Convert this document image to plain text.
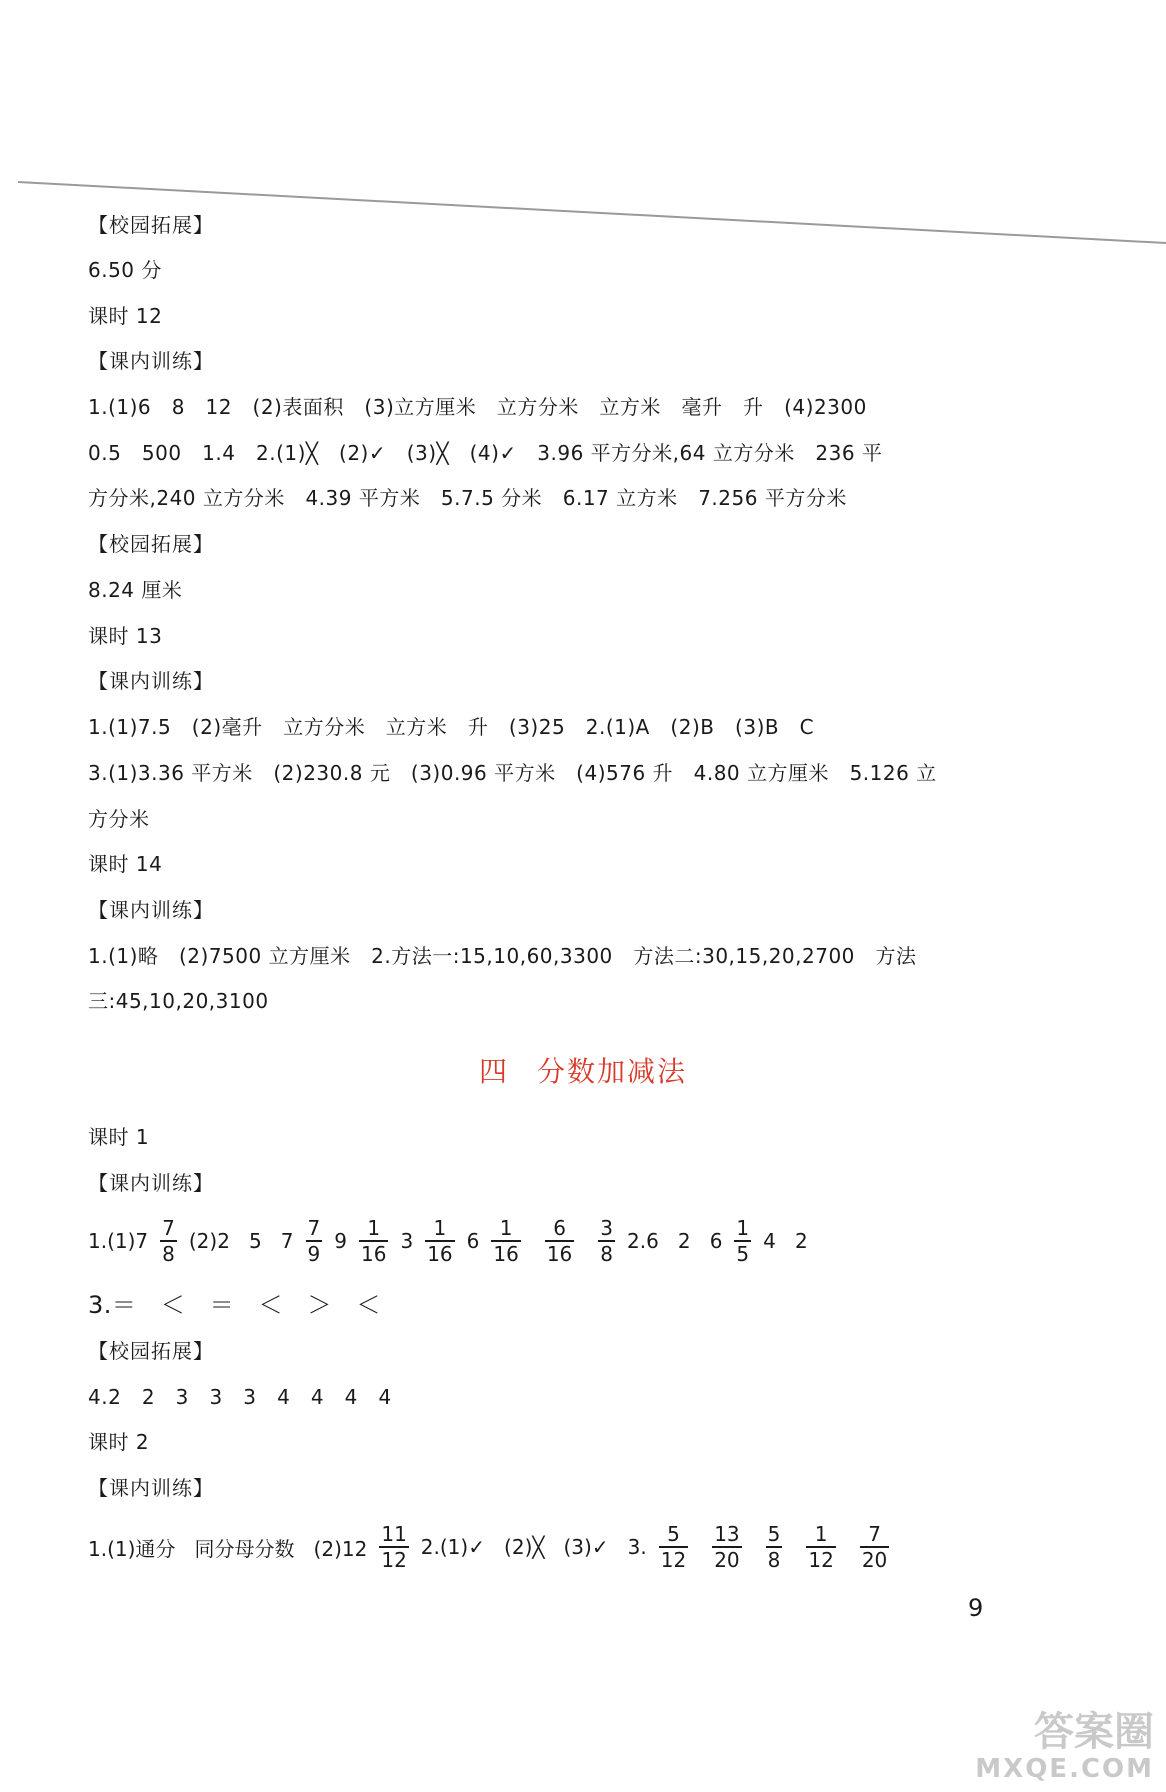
【校园拓展】
6.50 分
课时 12
【课内训练】
1.(1)6   8   12   (2)表面积   (3)立方厘米   立方分米   立方米   毫升   升   (4)2300
0.5   500   1.4   2.(1)╳   (2)✓   (3)╳   (4)✓   3.96 平方分米,64 立方分米   236 平
方分米,240 立方分米   4.39 平方米   5.7.5 分米   6.17 立方米   7.256 平方分米
【校园拓展】
8.24 厘米
课时 13
【课内训练】
1.(1)7.5   (2)毫升   立方分米   立方米   升   (3)25   2.(1)A   (2)B   (3)B   C
3.(1)3.36 平方米   (2)230.8 元   (3)0.96 平方米   (4)576 升   4.80 立方厘米   5.126 立
方分米
课时 14
【课内训练】
1.(1)略   (2)7500 立方厘米   2.方法一:15,10,60,3300   方法二:30,15,20,2700   方法
三:45,10,20,3100
四 分数加减法
课时 1
【课内训练】
$1.(1)7 \frac{7}{8} (2)2$   5   $7 \frac{7}{9} 9 \frac{1}{16} 3 \frac{1}{16} 6 \frac{1}{16} \frac{6}{16} \frac{3}{8} 2.6$   2   $6 \frac{1}{5} 4$   2
3.＝   ＜   ＝   ＜   ＞   ＜
【校园拓展】
4.2   2   3   3   3   4   4   4   4
课时 2
【课内训练】
1.(1)通分   同分母分数   $(2)12 \frac{11}{12}$ 2.(1)✓   (2)╳   (3)✓   3. $\frac{5}{12} \frac{13}{20} \frac{5}{8} \frac{1}{12} \frac{7}{20}$
9
答案圈
MXQE.COM
